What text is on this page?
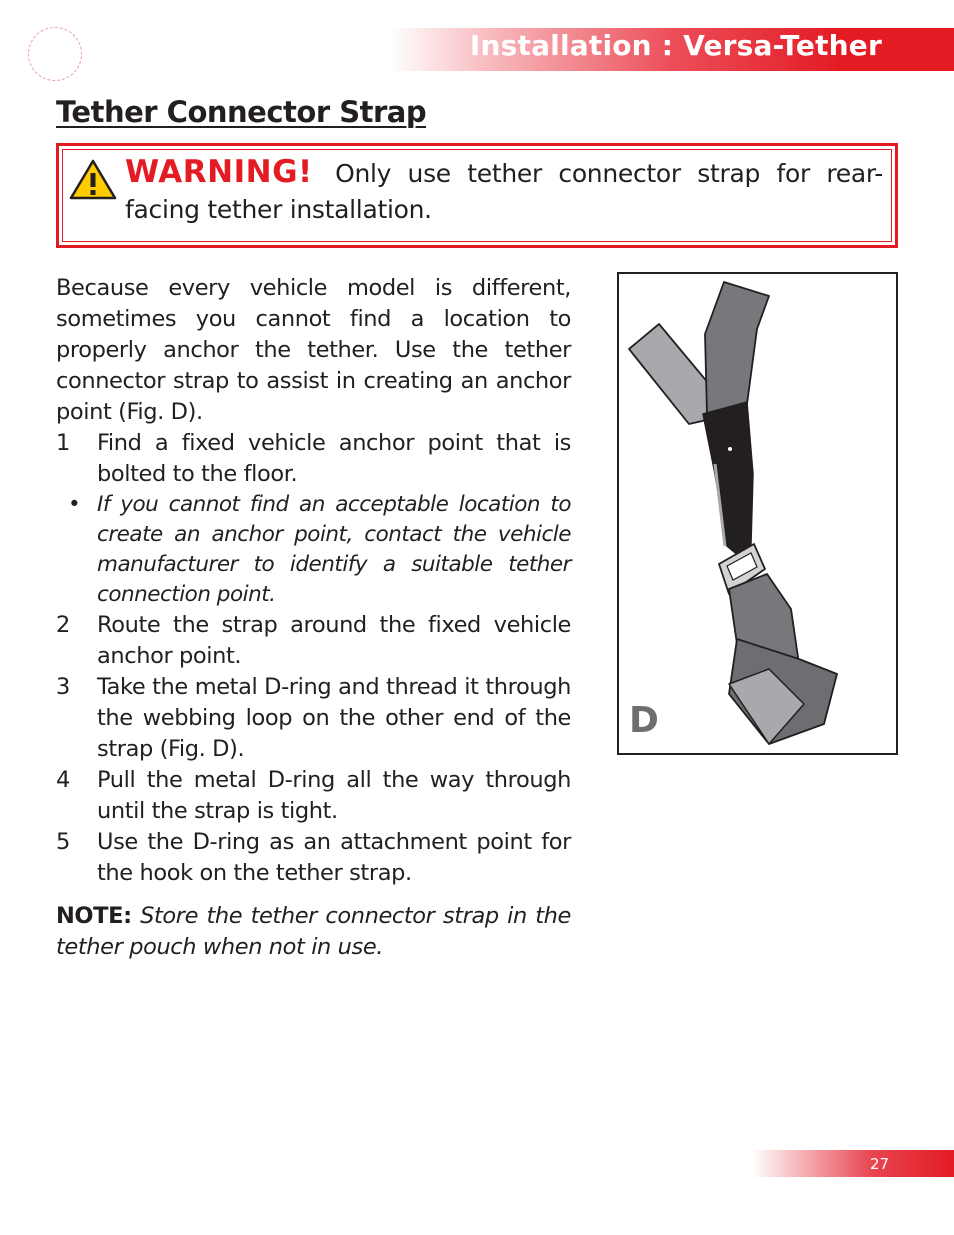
Installation : Versa-Tether
Tether Connector Strap
WARNING! Only use tether connector strap for rear-facing tether installation.

Because every vehicle model is different, sometimes you cannot find a location to properly anchor the tether. Use the tether connector strap to assist in creating an anchor point (Fig. D).

1 Find a fixed vehicle anchor point that is bolted to the floor.

• If you cannot find an acceptable location to create an anchor point, contact the vehicle manufacturer to identify a suitable tether connection point.

2 Route the strap around the fixed vehicle anchor point.

3 Take the metal D-ring and thread it through the webbing loop on the other end of the strap (Fig. D).

4 Pull the metal D-ring all the way through until the strap is tight.

5 Use the D-ring as an attachment point for the hook on the tether strap.

NOTE: Store the tether connector strap in the tether pouch when not in use.

D
27
